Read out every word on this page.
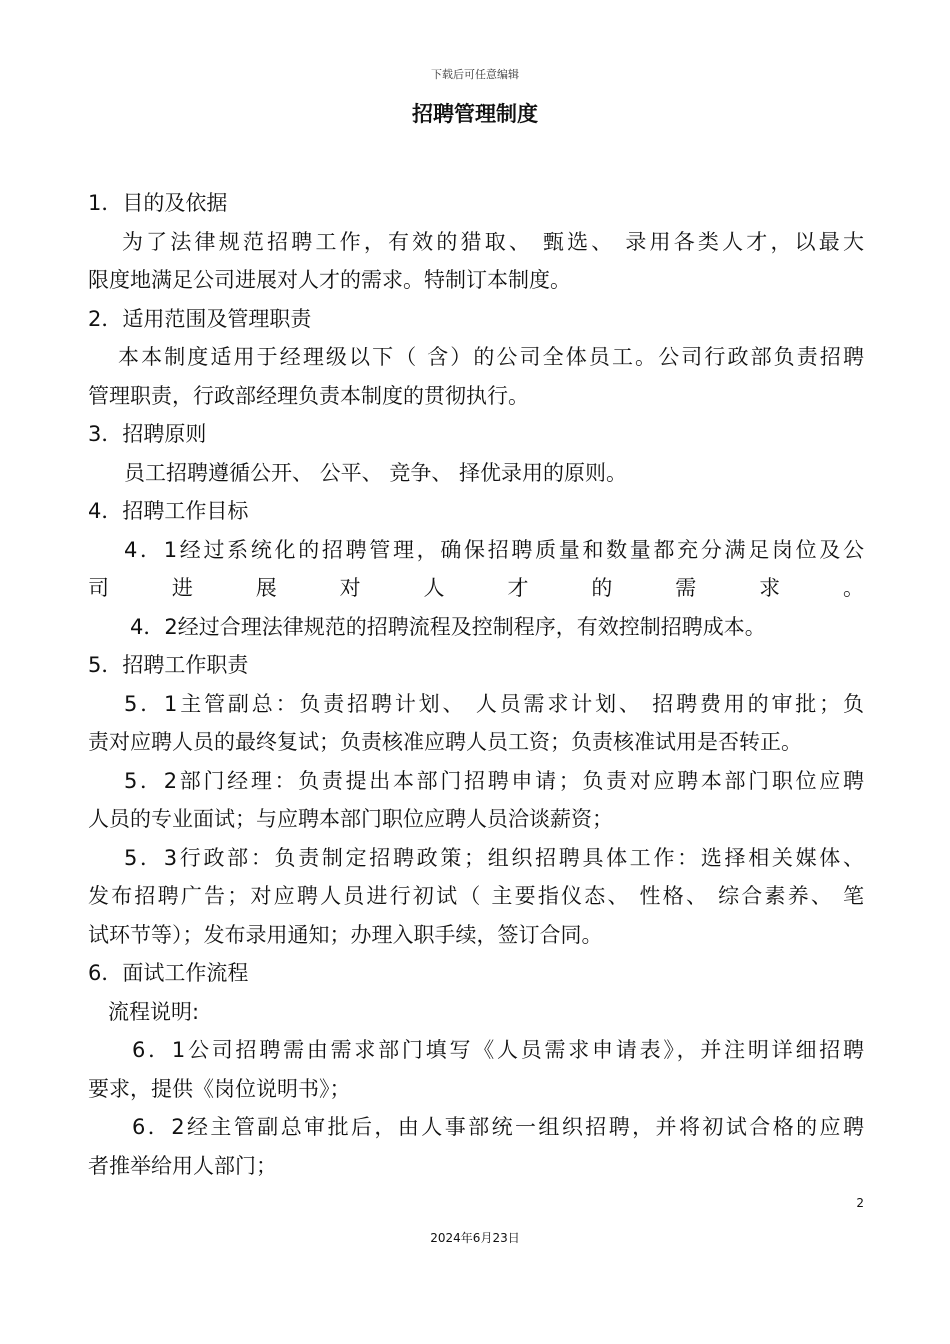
下载后可任意编辑
招聘管理制度

1．目的及依据

为了法律规范招聘工作，有效的猎取、 甄选、 录用各类人才，以最大

限度地满足公司进展对人才的需求。特制订本制度。

2．适用范围及管理职责

本本制度适用于经理级以下（ 含）的公司全体员工。公司行政部负责招聘

管理职责，行政部经理负责本制度的贯彻执行。

3．招聘原则

员工招聘遵循公开、 公平、 竞争、 择优录用的原则。

4．招聘工作目标

4．1经过系统化的招聘管理，确保招聘质量和数量都充分满足岗位及公

司 进 展 对 人 才 的 需 求 。

4．2经过合理法律规范的招聘流程及控制程序，有效控制招聘成本。

5．招聘工作职责

5．1主管副总：负责招聘计划、 人员需求计划、 招聘费用的审批；负

责对应聘人员的最终复试；负责核准应聘人员工资；负责核准试用是否转正。

5．2部门经理：负责提出本部门招聘申请；负责对应聘本部门职位应聘

人员的专业面试；与应聘本部门职位应聘人员洽谈薪资；

5．3行政部：负责制定招聘政策；组织招聘具体工作：选择相关媒体、

发布招聘广告；对应聘人员进行初试（ 主要指仪态、 性格、 综合素养、 笔

试环节等）；发布录用通知；办理入职手续，签订合同。

6．面试工作流程

流程说明:

6．1公司招聘需由需求部门填写《人员需求申请表》，并注明详细招聘

要求，提供《岗位说明书》；

6．2经主管副总审批后，由人事部统一组织招聘，并将初试合格的应聘

者推举给用人部门；

2
2024年6月23日
